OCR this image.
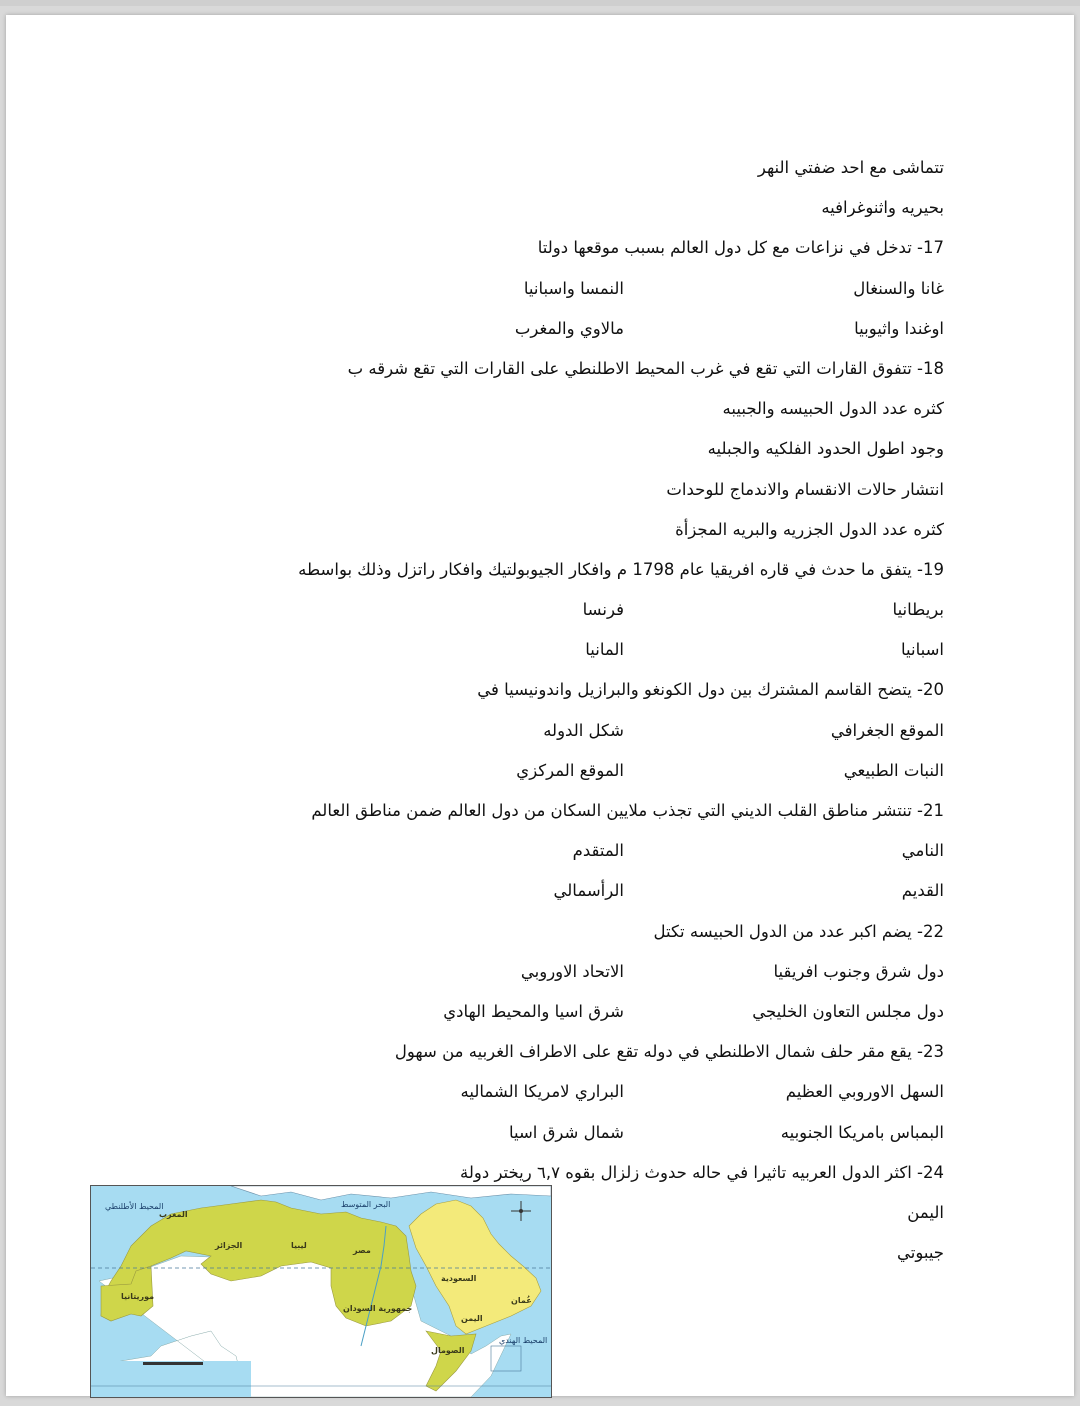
تتماشى مع احد ضفتي النهر
بحيريه واثنوغرافيه
17- تدخل في نزاعات مع كل دول العالم بسبب موقعها دولتا
غانا والسنغال
النمسا واسبانيا
اوغندا واثيوبيا
مالاوي والمغرب
18- تتفوق القارات التي تقع في غرب المحيط الاطلنطي على القارات التي تقع شرقه ب
كثره عدد الدول الحبيسه والجبيبه
وجود اطول الحدود الفلكيه والجبليه
انتشار حالات الانقسام والاندماج للوحدات
كثره عدد الدول الجزريه والبريه المجزأة
19- يتفق ما حدث في قاره افريقيا عام 1798 م وافكار الجيوبولتيك وافكار راتزل وذلك بواسطه
بريطانيا
فرنسا
اسبانيا
المانيا
20- يتضح القاسم المشترك بين دول الكونغو والبرازيل واندونيسيا في
الموقع الجغرافي
شكل الدوله
النبات الطبيعي
الموقع المركزي
21- تنتشر مناطق القلب الديني التي تجذب ملايين السكان من دول العالم ضمن مناطق العالم
النامي
المتقدم
القديم
الرأسمالي
22- يضم اكبر عدد من الدول الحبيسه تكتل
دول شرق وجنوب افريقيا
الاتحاد الاوروبي
دول مجلس التعاون الخليجي
شرق اسيا والمحيط الهادي
23- يقع مقر حلف شمال الاطلنطي في دوله تقع على الاطراف الغربيه من سهول
السهل الاوروبي العظيم
البراري لامريكا الشماليه
البمباس بامريكا الجنوبيه
شمال شرق اسيا
24- اكثر الدول العربيه تاثيرا في حاله حدوث زلزال بقوه ٦,٧ ريختر دولة
اليمن
جيبوتي
المحيط الأطلنطي
المغرب
الجزائر	ليبيا
موريتانيا
مصر
جمهورية السودان
البحر المتوسط
السعودية
اليمن
عُمان
المحيط الهندي
الصومال
